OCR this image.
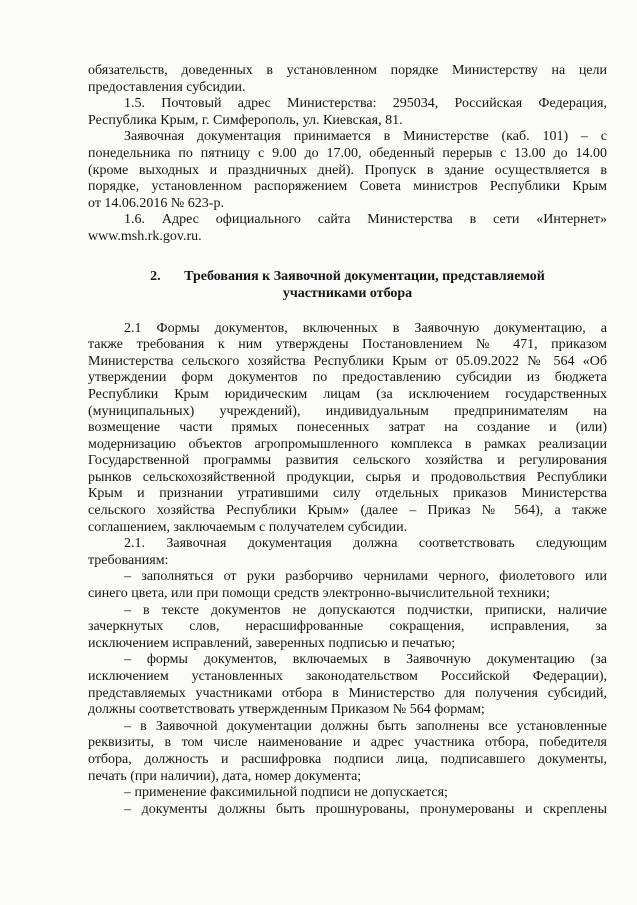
обязательств, доведенных в установленном порядке Министерству на цели

предоставления субсидии.

1.5. Почтовый адрес Министерства: 295034, Российская Федерация,

Республика Крым, г. Симферополь, ул. Киевская, 81.

Заявочная документация принимается в Министерстве (каб. 101) – с

понедельника по пятницу с 9.00 до 17.00, обеденный перерыв с 13.00 до 14.00

(кроме выходных и праздничных дней). Пропуск в здание осуществляется в

порядке, установленном распоряжением Совета министров Республики Крым

от 14.06.2016 № 623-р.

1.6. Адрес официального сайта Министерства в сети «Интернет»

www.msh.rk.gov.ru.

2. Требования к Заявочной документации, представляемой
участниками отбора

2.1 Формы документов, включенных в Заявочную документацию, а

также требования к ним утверждены Постановлением № 471, приказом

Министерства сельского хозяйства Республики Крым от 05.09.2022 № 564 «Об

утверждении форм документов по предоставлению субсидии из бюджета

Республики Крым юридическим лицам (за исключением государственных

(муниципальных) учреждений), индивидуальным предпринимателям на

возмещение части прямых понесенных затрат на создание и (или)

модернизацию объектов агропромышленного комплекса в рамках реализации

Государственной программы развития сельского хозяйства и регулирования

рынков сельскохозяйственной продукции, сырья и продовольствия Республики

Крым и признании утратившими силу отдельных приказов Министерства

сельского хозяйства Республики Крым» (далее – Приказ № 564), а также

соглашением, заключаемым с получателем субсидии.

2.1. Заявочная документация должна соответствовать следующим

требованиям:

– заполняться от руки разборчиво чернилами черного, фиолетового или

синего цвета, или при помощи средств электронно-вычислительной техники;

– в тексте документов не допускаются подчистки, приписки, наличие

зачеркнутых слов, нерасшифрованные сокращения, исправления, за

исключением исправлений, заверенных подписью и печатью;

– формы документов, включаемых в Заявочную документацию (за

исключением установленных законодательством Российской Федерации),

представляемых участниками отбора в Министерство для получения субсидий,

должны соответствовать утвержденным Приказом № 564 формам;

– в Заявочной документации должны быть заполнены все установленные

реквизиты, в том числе наименование и адрес участника отбора, победителя

отбора, должность и расшифровка подписи лица, подписавшего документы,

печать (при наличии), дата, номер документа;

– применение факсимильной подписи не допускается;

– документы должны быть прошнурованы, пронумерованы и скреплены
